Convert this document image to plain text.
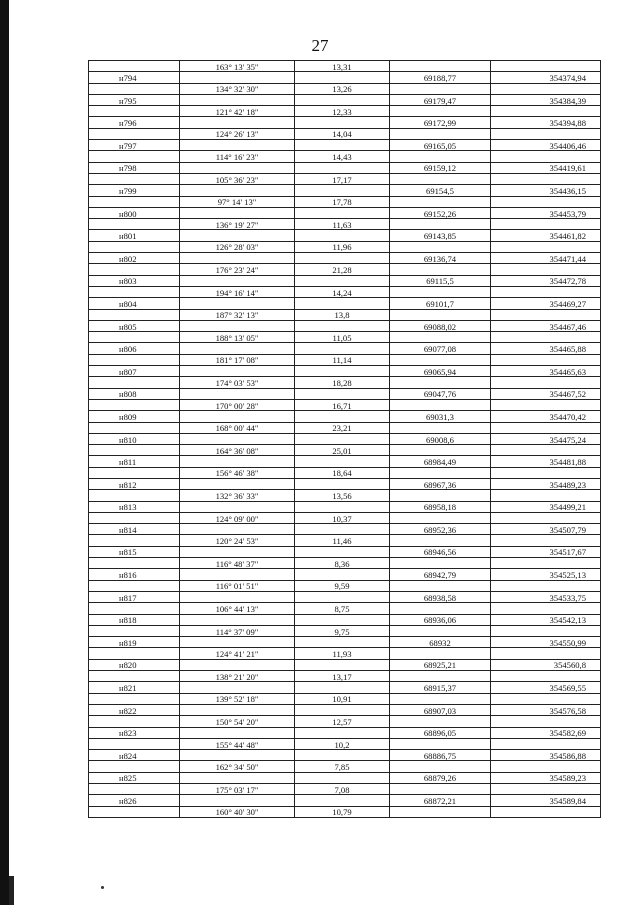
27
	163° 13' 35"	13,31		
н794			69188,77	354374,94
	134° 32' 30"	13,26		
н795			69179,47	354384,39
	121° 42' 18"	12,33		
н796			69172,99	354394,88
	124° 26' 13"	14,04		
н797			69165,05	354406,46
	114° 16' 23"	14,43		
н798			69159,12	354419,61
	105° 36' 23"	17,17		
н799			69154,5	354436,15
	97° 14' 13"	17,78		
н800			69152,26	354453,79
	136° 19' 27"	11,63		
н801			69143,85	354461,82
	126° 28' 03"	11,96		
н802			69136,74	354471,44
	176° 23' 24"	21,28		
н803			69115,5	354472,78
	194° 16' 14"	14,24		
н804			69101,7	354469,27
	187° 32' 13"	13,8		
н805			69088,02	354467,46
	188° 13' 05"	11,05		
н806			69077,08	354465,88
	181° 17' 08"	11,14		
н807			69065,94	354465,63
	174° 03' 53"	18,28		
н808			69047,76	354467,52
	170° 00' 28"	16,71		
н809			69031,3	354470,42
	168° 00' 44"	23,21		
н810			69008,6	354475,24
	164° 36' 08"	25,01		
н811			68984,49	354481,88
	156° 46' 38"	18,64		
н812			68967,36	354489,23
	132° 36' 33"	13,56		
н813			68958,18	354499,21
	124° 09' 00"	10,37		
н814			68952,36	354507,79
	120° 24' 53"	11,46		
н815			68946,56	354517,67
	116° 48' 37"	8,36		
н816			68942,79	354525,13
	116° 01' 51"	9,59		
н817			68938,58	354533,75
	106° 44' 13"	8,75		
н818			68936,06	354542,13
	114° 37' 09"	9,75		
н819			68932	354550,99
	124° 41' 21"	11,93		
н820			68925,21	354560,8
	138° 21' 20"	13,17		
н821			68915,37	354569,55
	139° 52' 18"	10,91		
н822			68907,03	354576,58
	150° 54' 20"	12,57		
н823			68896,05	354582,69
	155° 44' 48"	10,2		
н824			68886,75	354586,88
	162° 34' 50"	7,85		
н825			68879,26	354589,23
	175° 03' 17"	7,08		
н826			68872,21	354589,84
	160° 40' 30"	10,79		
